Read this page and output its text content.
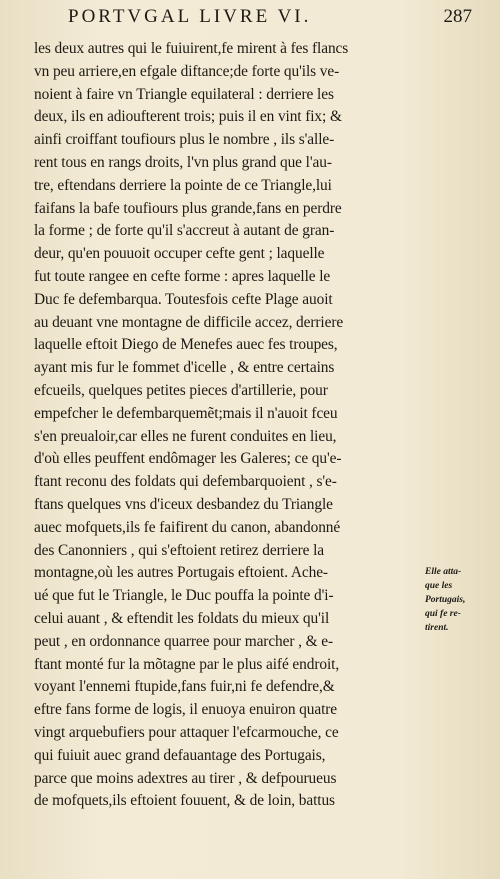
PORTVGAL LIVRE VI.	287
les deux autres qui le fuiuirent,fe mirent à fes flancs
vn peu arriere,en efgale diftance;de forte qu'ils ve-
noient à faire vn Triangle equilateral : derriere les
deux, ils en adioufterent trois; puis il en vint fix; &
ainfi croiffant toufiours plus le nombre , ils s'alle-
rent tous en rangs droits, l'vn plus grand que l'au-
tre, eftendans derriere la pointe de ce Triangle,lui
faifans la bafe toufiours plus grande,fans en perdre
la forme ; de forte qu'il s'accreut à autant de gran-
deur, qu'en pouuoit occuper cefte gent ; laquelle
fut toute rangee en cefte forme : apres laquelle le
Duc fe defembarqua. Toutesfois cefte Plage auoit
au deuant vne montagne de difficile accez, derriere
laquelle eftoit Diego de Menefes auec fes troupes,
ayant mis fur le fommet d'icelle , & entre certains
efcueils, quelques petites pieces d'artillerie, pour
empefcher le defembarquemẽt;mais il n'auoit fceu
s'en preualoir,car elles ne furent conduites en lieu,
d'où elles peuffent endômager les Galeres; ce qu'e-
ftant reconu des foldats qui defembarquoient , s'e-
ftans quelques vns d'iceux desbandez du Triangle
auec mofquets,ils fe faifirent du canon, abandonné
des Canonniers , qui s'eftoient retirez derriere la
montagne,où les autres Portugais eftoient. Ache-
ué que fut le Triangle, le Duc pouffa la pointe d'i-
celui auant , & eftendit les foldats du mieux qu'il
peut , en ordonnance quarree pour marcher , & e-
ftant monté fur la mõtagne par le plus aifé endroit,
voyant l'ennemi ftupide,fans fuir,ni fe defendre,&
eftre fans forme de logis, il enuoya enuiron quatre
vingt arquebufiers pour attaquer l'efcarmouche, ce
qui fuiuit auec grand defauantage des Portugais,
parce que moins adextres au tirer , & defpourueus
de mofquets,ils eftoient fouuent, & de loin, battus
Elle atta-
que les
Portugais,
qui fe re-
tirent.
